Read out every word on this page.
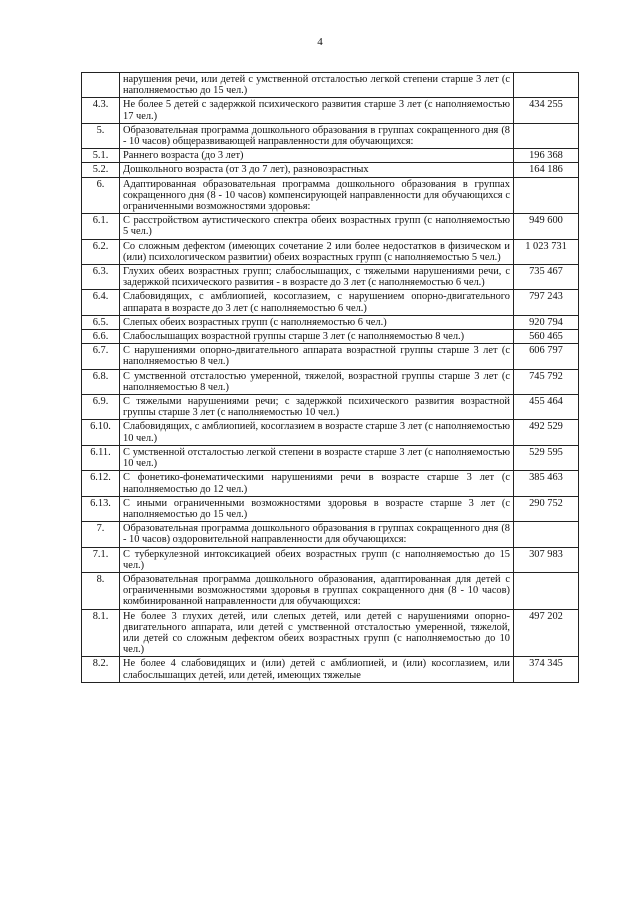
4
	нарушения речи, или детей с умственной отсталостью легкой степени старше 3 лет (с наполняемостью до 15 чел.)	
4.3.	Не более 5 детей с задержкой психического развития старше 3 лет (с наполняемостью 17 чел.)	434 255
5.	Образовательная программа дошкольного образования в группах сокращенного дня (8 - 10 часов) общеразвивающей направленности для обучающихся:	
5.1.	Раннего возраста (до 3 лет)	196 368
5.2.	Дошкольного возраста (от 3 до 7 лет), разновозрастных	164 186
6.	Адаптированная образовательная программа дошкольного образования в группах сокращенного дня (8 - 10 часов) компенсирующей направленности для обучающихся с ограниченными возможностями здоровья:	
6.1.	С расстройством аутистического спектра обеих возрастных групп (с наполняемостью 5 чел.)	949 600
6.2.	Со сложным дефектом (имеющих сочетание 2 или более недостатков в физическом и (или) психологическом развитии) обеих возрастных групп (с наполняемостью 5 чел.)	1 023 731
6.3.	Глухих обеих возрастных групп; слабослышащих, с тяжелыми нарушениями речи, с задержкой психического развития - в возрасте до 3 лет (с наполняемостью 6 чел.)	735 467
6.4.	Слабовидящих, с амблиопией, косоглазием, с нарушением опорно-двигательного аппарата в возрасте до 3 лет (с наполняемостью 6 чел.)	797 243
6.5.	Слепых обеих возрастных групп (с наполняемостью 6 чел.)	920 794
6.6.	Слабослышащих возрастной группы старше 3 лет (с наполняемостью 8 чел.)	560 465
6.7.	С нарушениями опорно-двигательного аппарата возрастной группы старше 3 лет (с наполняемостью 8 чел.)	606 797
6.8.	С умственной отсталостью умеренной, тяжелой, возрастной группы старше 3 лет (с наполняемостью 8 чел.)	745 792
6.9.	С тяжелыми нарушениями речи; с задержкой психического развития возрастной группы старше 3 лет (с наполняемостью 10 чел.)	455 464
6.10.	Слабовидящих, с амблиопией, косоглазием в возрасте старше 3 лет (с наполняемостью 10 чел.)	492 529
6.11.	С умственной отсталостью легкой степени в возрасте старше 3 лет (с наполняемостью 10 чел.)	529 595
6.12.	С фонетико-фонематическими нарушениями речи в возрасте старше 3 лет (с наполняемостью до 12 чел.)	385 463
6.13.	С иными ограниченными возможностями здоровья в возрасте старше 3 лет (с наполняемостью до 15 чел.)	290 752
7.	Образовательная программа дошкольного образования в группах сокращенного дня (8 - 10 часов) оздоровительной направленности для обучающихся:	
7.1.	С туберкулезной интоксикацией обеих возрастных групп (с наполняемостью до 15 чел.)	307 983
8.	Образовательная программа дошкольного образования, адаптированная для детей с ограниченными возможностями здоровья в группах сокращенного дня (8 - 10 часов) комбинированной направленности для обучающихся:	
8.1.	Не более 3 глухих детей, или слепых детей, или детей с нарушениями опорно-двигательного аппарата, или детей с умственной отсталостью умеренной, тяжелой, или детей со сложным дефектом обеих возрастных групп (с наполняемостью до 10 чел.)	497 202
8.2.	Не более 4 слабовидящих и (или) детей с амблиопией, и (или) косоглазием, или слабослышащих детей, или детей, имеющих тяжелые	374 345
